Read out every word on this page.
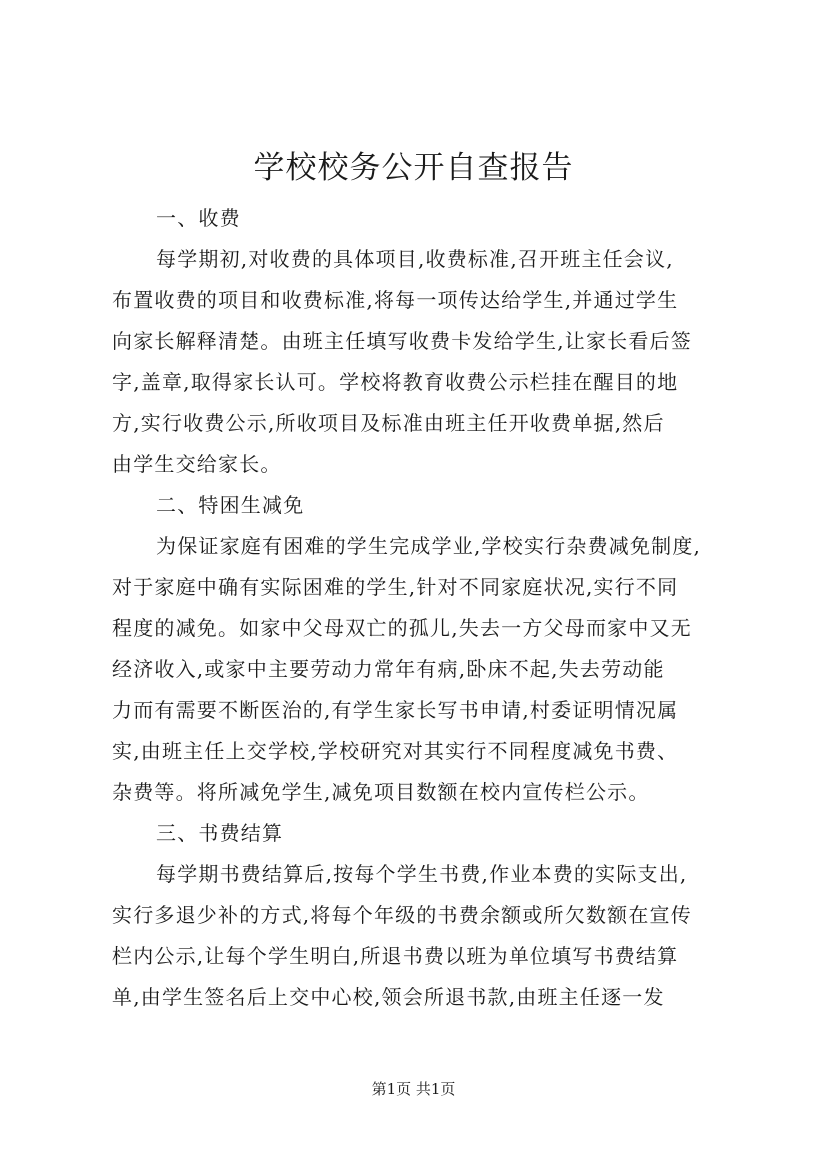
学校校务公开自查报告
一、收费
每学期初,对收费的具体项目,收费标准,召开班主任会议,
布置收费的项目和收费标准,将每一项传达给学生,并通过学生
向家长解释清楚。由班主任填写收费卡发给学生,让家长看后签
字,盖章,取得家长认可。学校将教育收费公示栏挂在醒目的地
方,实行收费公示,所收项目及标准由班主任开收费单据,然后
由学生交给家长。
二、特困生减免
为保证家庭有困难的学生完成学业,学校实行杂费减免制度,
对于家庭中确有实际困难的学生,针对不同家庭状况,实行不同
程度的减免。如家中父母双亡的孤儿,失去一方父母而家中又无
经济收入,或家中主要劳动力常年有病,卧床不起,失去劳动能
力而有需要不断医治的,有学生家长写书申请,村委证明情况属
实,由班主任上交学校,学校研究对其实行不同程度减免书费、
杂费等。将所减免学生,减免项目数额在校内宣传栏公示。
三、书费结算
每学期书费结算后,按每个学生书费,作业本费的实际支出,
实行多退少补的方式,将每个年级的书费余额或所欠数额在宣传
栏内公示,让每个学生明白,所退书费以班为单位填写书费结算
单,由学生签名后上交中心校,领会所退书款,由班主任逐一发
第1页 共1页
